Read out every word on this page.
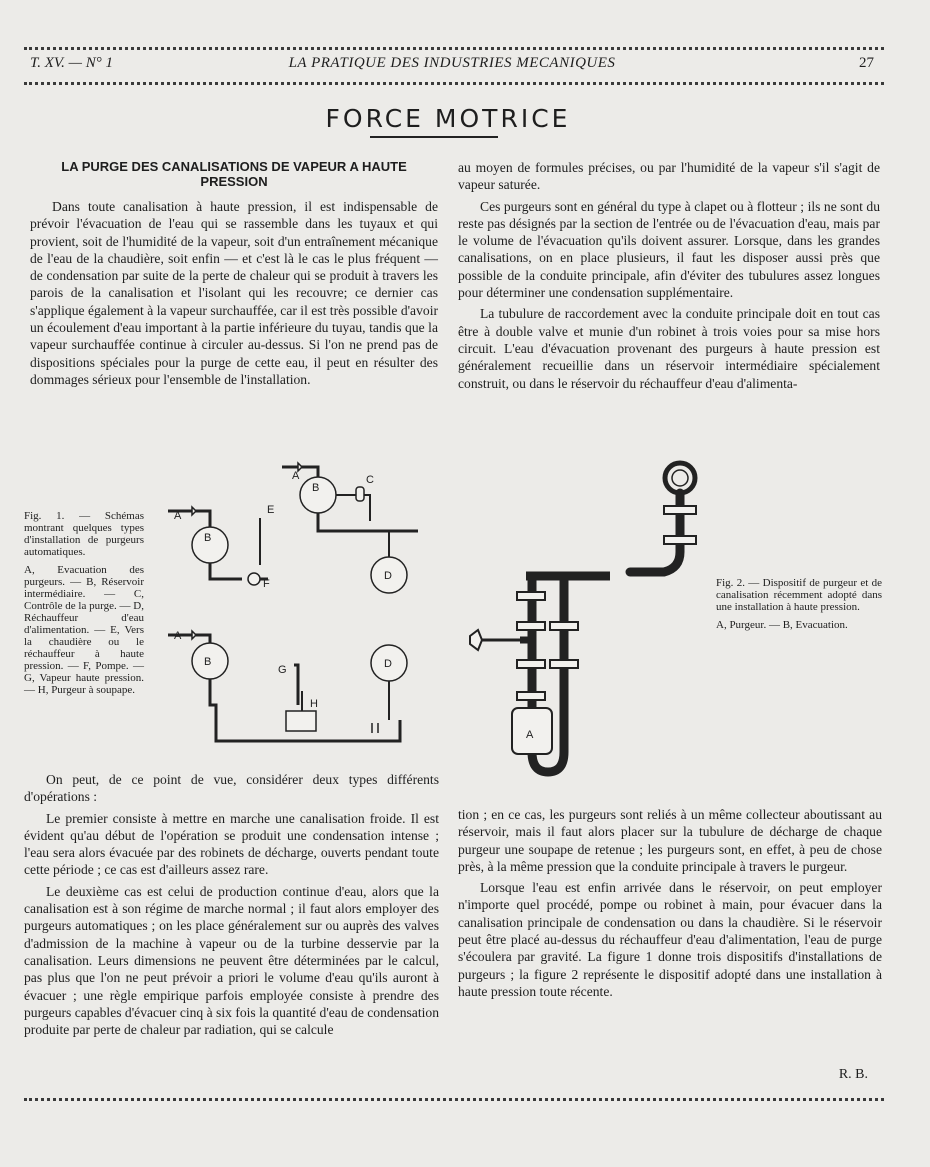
T. XV. — N° 1	LA PRATIQUE DES INDUSTRIES MECANIQUES	27
FORCE MOTRICE
LA PURGE DES CANALISATIONS DE VAPEUR A HAUTE PRESSION

Dans toute canalisation à haute pression, il est indispensable de prévoir l'évacuation de l'eau qui se rassemble dans les tuyaux et qui provient, soit de l'humidité de la vapeur, soit d'un entraînement mécanique de l'eau de la chaudière, soit enfin — et c'est là le cas le plus fréquent — de condensation par suite de la perte de chaleur qui se produit à travers les parois de la canalisation et l'isolant qui les recouvre; ce dernier cas s'applique également à la vapeur surchauffée, car il est très possible d'avoir un écoulement d'eau important à la partie inférieure du tuyau, tandis que la vapeur surchauffée continue à circuler au-dessus. Si l'on ne prend pas de dispositions spéciales pour la purge de cette eau, il peut en résulter des dommages sérieux pour l'ensemble de l'installation.

au moyen de formules précises, ou par l'humidité de la vapeur s'il s'agit de vapeur saturée.

Ces purgeurs sont en général du type à clapet ou à flotteur ; ils ne sont du reste pas désignés par la section de l'entrée ou de l'évacuation d'eau, mais par le volume de l'évacuation qu'ils doivent assurer. Lorsque, dans les grandes canalisations, on en place plusieurs, il faut les disposer aussi près que possible de la conduite principale, afin d'éviter des tubulures assez longues pour déterminer une condensation supplémentaire.

La tubulure de raccordement avec la conduite principale doit en tout cas être à double valve et munie d'un robinet à trois voies pour sa mise hors circuit. L'eau d'évacuation provenant des purgeurs à haute pression est généralement recueillie dans un réservoir intermédiaire spécialement construit, ou dans le réservoir du réchauffeur d'eau d'alimenta-

Fig. 1. — Schémas montrant quelques types d'installation de purgeurs automatiques.

A, Evacuation des purgeurs. — B, Réservoir intermédiaire. — C, Contrôle de la purge. — D, Réchauffeur d'eau d'alimentation. — E, Vers la chaudière ou le réchauffeur à haute pression. — F, Pompe. — G, Vapeur haute pression. — H, Purgeur à soupape.

A
B
E
F
A
B
C
D
A
B
G
H
D
A

Fig. 2. — Dispositif de purgeur et de canalisation récemment adopté dans une installation à haute pression.

A, Purgeur. — B, Evacuation.

On peut, de ce point de vue, considérer deux types différents d'opérations :

Le premier consiste à mettre en marche une canalisation froide. Il est évident qu'au début de l'opération se produit une condensation intense ; l'eau sera alors évacuée par des robinets de décharge, ouverts pendant toute cette période ; ce cas est d'ailleurs assez rare.

Le deuxième cas est celui de production continue d'eau, alors que la canalisation est à son régime de marche normal ; il faut alors employer des purgeurs automatiques ; on les place généralement sur ou auprès des valves d'admission de la machine à vapeur ou de la turbine desservie par la canalisation. Leurs dimensions ne peuvent être déterminées par le calcul, pas plus que l'on ne peut prévoir a priori le volume d'eau qu'ils auront à évacuer ; une règle empirique parfois employée consiste à prendre des purgeurs capables d'évacuer cinq à six fois la quantité d'eau de condensation produite par perte de chaleur par radiation, qui se calcule

tion ; en ce cas, les purgeurs sont reliés à un même collecteur aboutissant au réservoir, mais il faut alors placer sur la tubulure de décharge de chaque purgeur une soupape de retenue ; les purgeurs sont, en effet, à peu de chose près, à la même pression que la conduite principale à travers le purgeur.

Lorsque l'eau est enfin arrivée dans le réservoir, on peut employer n'importe quel procédé, pompe ou robinet à main, pour évacuer dans la canalisation principale de condensation ou dans la chaudière. Si le réservoir peut être placé au-dessus du réchauffeur d'eau d'alimentation, l'eau de purge s'écoulera par gravité. La figure 1 donne trois dispositifs d'installations de purgeurs ; la figure 2 représente le dispositif adopté dans une installation à haute pression toute récente.

R. B.
